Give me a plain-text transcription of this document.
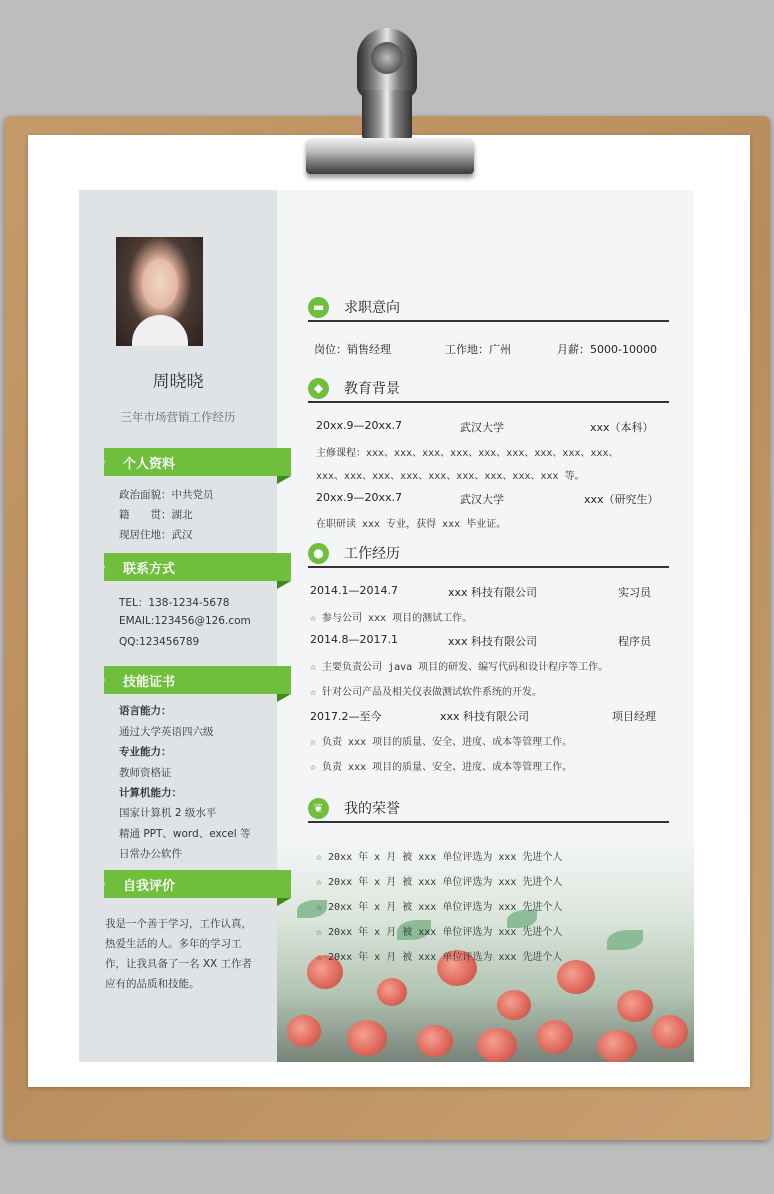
周晓晓
三年市场营销工作经历
个人资料
政治面貌：中共党员
籍　　贯：湖北
现居住地：武汉
联系方式
TEL：138-1234-5678
EMAIL:123456@126.com
QQ:123456789
技能证书
语言能力：
通过大学英语四六级
专业能力：
教师资格证
计算机能力：
国家计算机 2 级水平
精通 PPT、word、excel 等
日常办公软件
自我评价
我是一个善于学习，工作认真，
热爱生活的人。多年的学习工
作，让我具备了一名 XX 工作者
应有的品质和技能。
▬	求职意向
岗位：销售经理	工作地：广州	月薪：5000-10000
◆	教育背景
20xx.9—20xx.7	武汉大学	xxx（本科）
主修课程：xxx、xxx、xxx、xxx、xxx、xxx、xxx、xxx、xxx、
xxx、xxx、xxx、xxx、xxx、xxx、xxx、xxx、xxx 等。
20xx.9—20xx.7	武汉大学	xxx（研究生）
在职研读 xxx 专业，获得 xxx 毕业证。
●	工作经历
2014.1—2014.7	xxx 科技有限公司	实习员
☆ 参与公司 xxx 项目的测试工作。
2014.8—2017.1	xxx 科技有限公司	程序员
☆ 主要负责公司 java 项目的研发、编写代码和设计程序等工作。
☆ 针对公司产品及相关仪表做测试软件系统的开发。
2017.2—至今	xxx 科技有限公司	项目经理
☆ 负责 xxx 项目的质量、安全、进度、成本等管理工作。
☆ 负责 xxx 项目的质量、安全、进度、成本等管理工作。
❦	我的荣誉
☆ 20xx 年 x 月 被 xxx 单位评选为 xxx 先进个人
☆ 20xx 年 x 月 被 xxx 单位评选为 xxx 先进个人
☆ 20xx 年 x 月 被 xxx 单位评选为 xxx 先进个人
☆ 20xx 年 x 月 被 xxx 单位评选为 xxx 先进个人
☆ 20xx 年 x 月 被 xxx 单位评选为 xxx 先进个人
